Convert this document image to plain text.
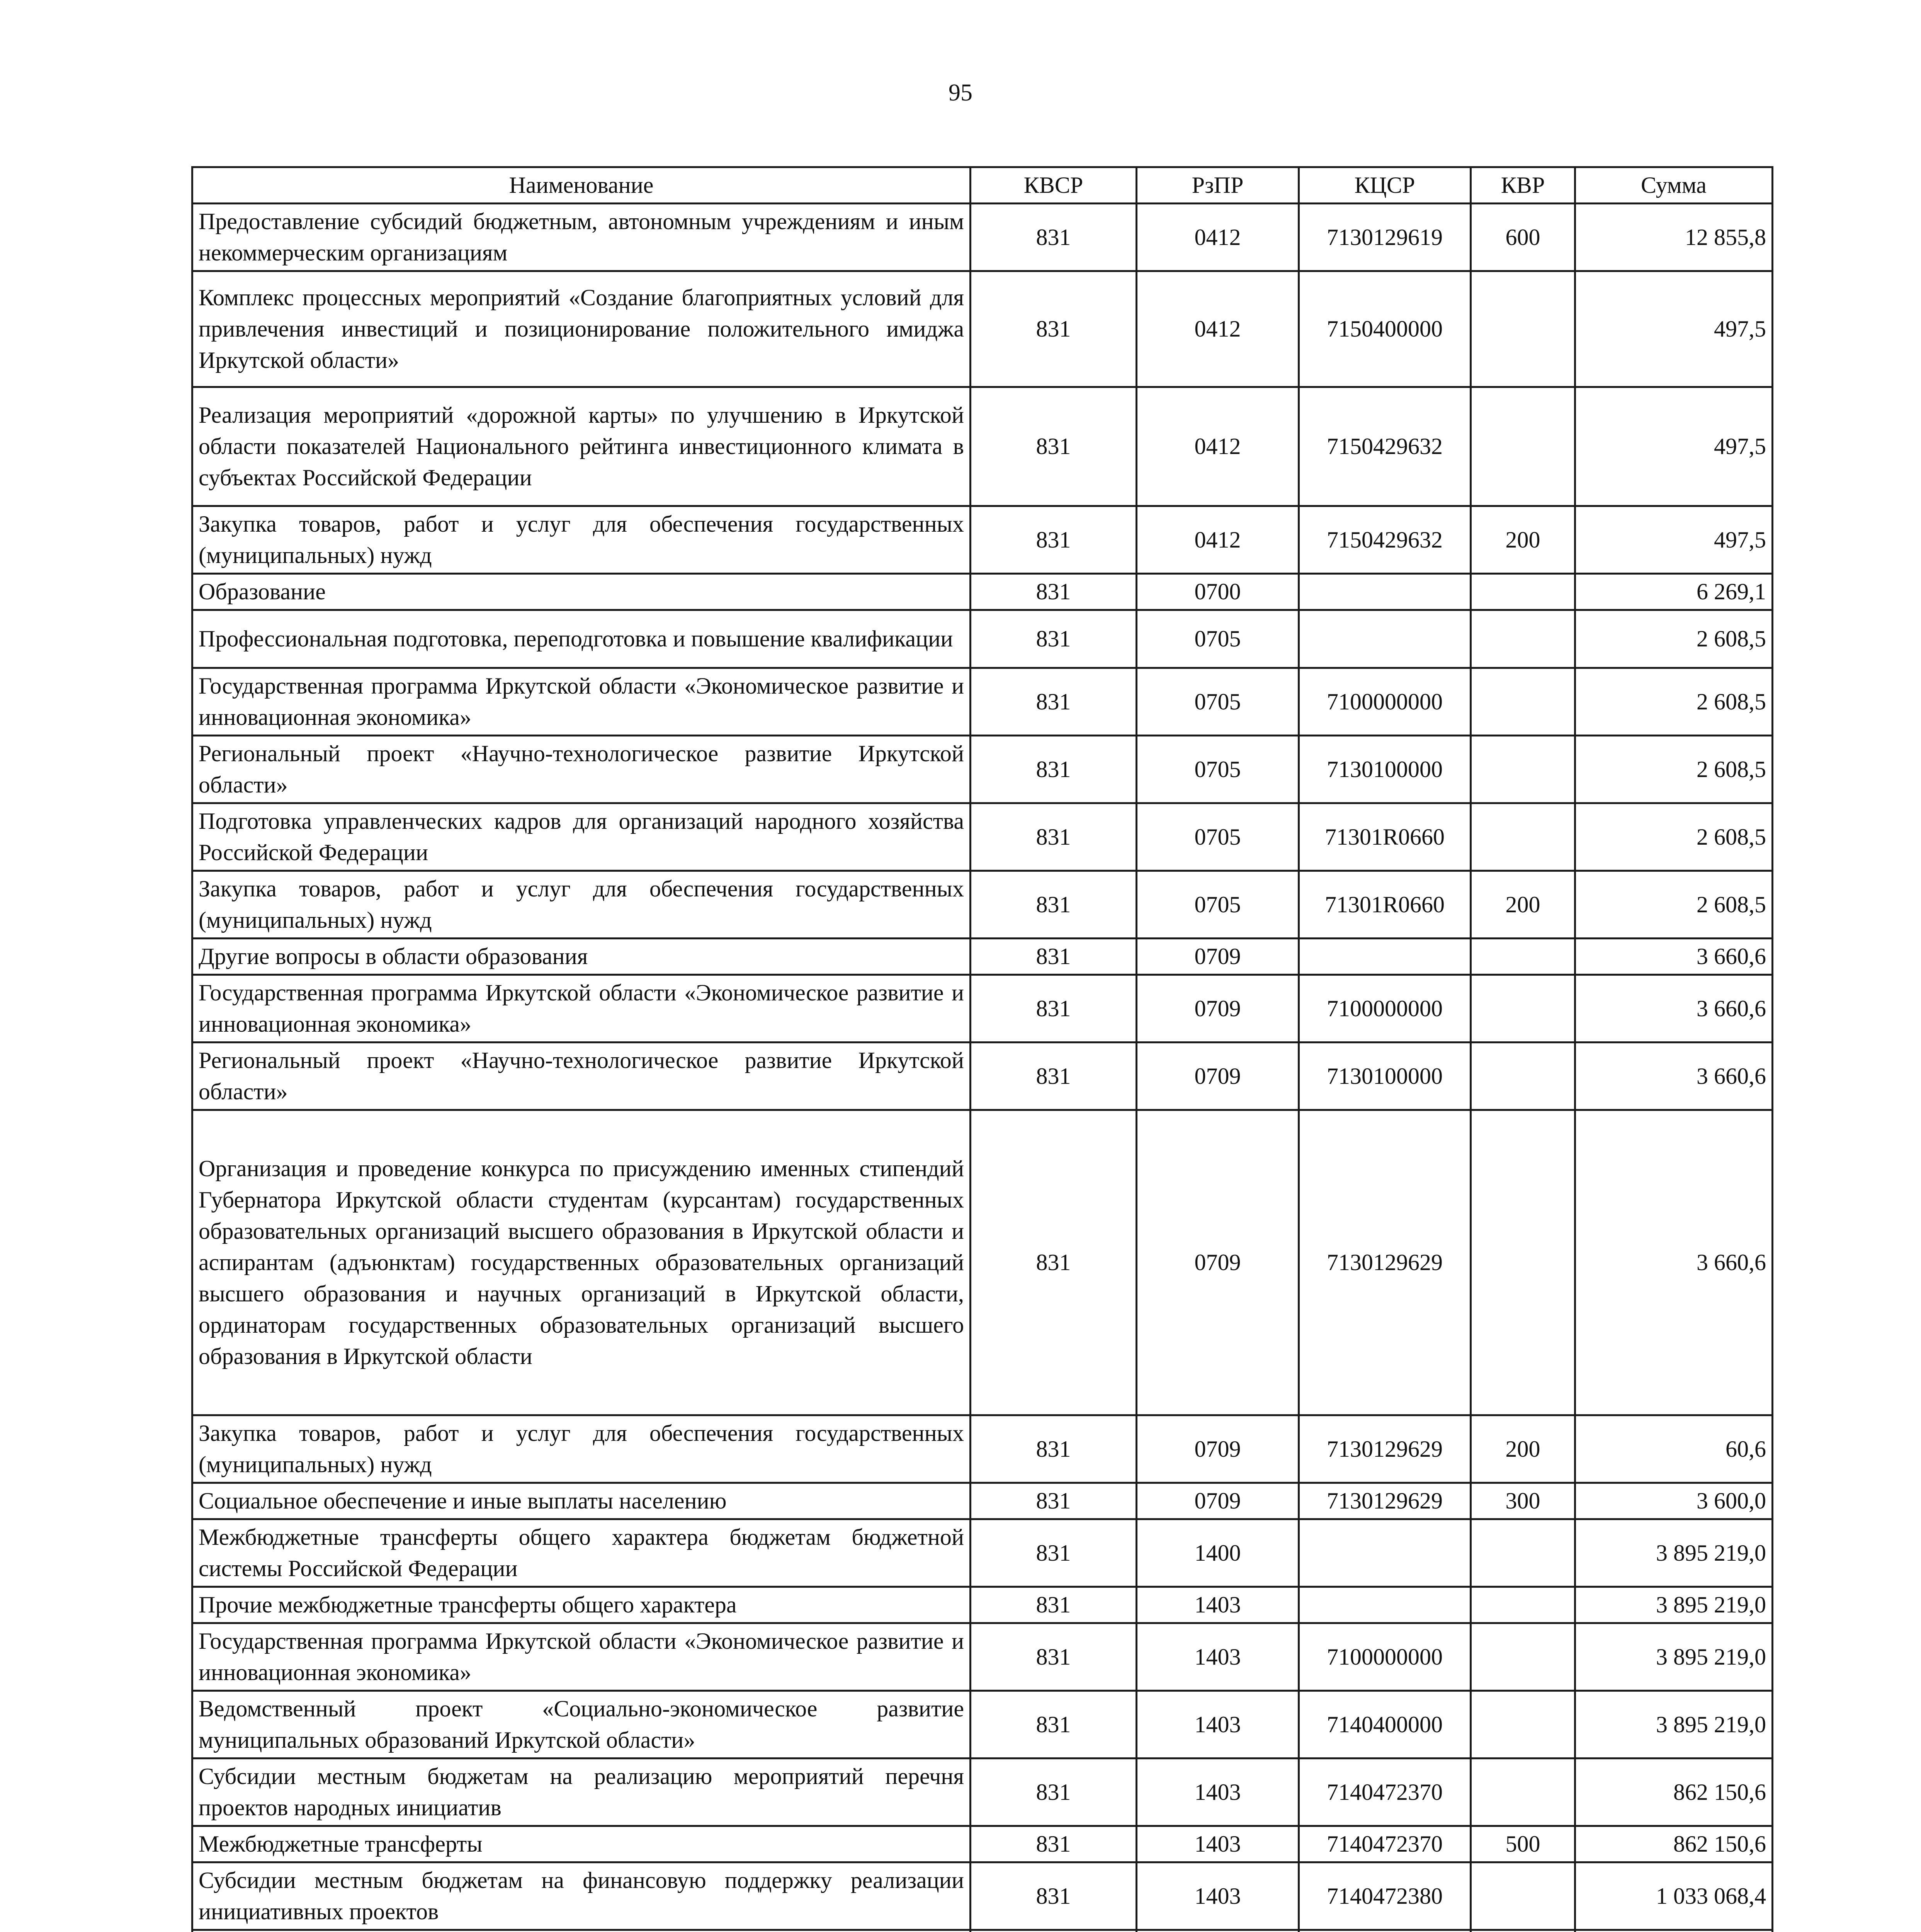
95
Наименование	КВСР	РзПР	КЦСР	КВР	Сумма
Предоставление субсидий бюджетным, автономным учреждениям и иным некоммерческим организациям	831	0412	7130129619	600	12 855,8
Комплекс процессных мероприятий «Создание благоприятных условий для привлечения инвестиций и позиционирование положительного имиджа Иркутской области»	831	0412	7150400000		497,5
Реализация мероприятий «дорожной карты» по улучшению в Иркутской области показателей Национального рейтинга инвестиционного климата в субъектах Российской Федерации	831	0412	7150429632		497,5
Закупка товаров, работ и услуг для обеспечения государственных (муниципальных) нужд	831	0412	7150429632	200	497,5
Образование	831	0700			6 269,1
Профессиональная подготовка, переподготовка и повышение квалификации	831	0705			2 608,5
Государственная программа Иркутской области «Экономическое развитие и инновационная экономика»	831	0705	7100000000		2 608,5
Региональный проект «Научно-технологическое развитие Иркутской области»	831	0705	7130100000		2 608,5
Подготовка управленческих кадров для организаций народного хозяйства Российской Федерации	831	0705	71301R0660		2 608,5
Закупка товаров, работ и услуг для обеспечения государственных (муниципальных) нужд	831	0705	71301R0660	200	2 608,5
Другие вопросы в области образования	831	0709			3 660,6
Государственная программа Иркутской области «Экономическое развитие и инновационная экономика»	831	0709	7100000000		3 660,6
Региональный проект «Научно-технологическое развитие Иркутской области»	831	0709	7130100000		3 660,6
Организация и проведение конкурса по присуждению именных стипендий Губернатора Иркутской области студентам (курсантам) государственных образовательных организаций высшего образования в Иркутской области и аспирантам (адъюнктам) государственных образовательных организаций высшего образования и научных организаций в Иркутской области, ординаторам государственных образовательных организаций высшего образования в Иркутской области	831	0709	7130129629		3 660,6
Закупка товаров, работ и услуг для обеспечения государственных (муниципальных) нужд	831	0709	7130129629	200	60,6
Социальное обеспечение и иные выплаты населению	831	0709	7130129629	300	3 600,0
Межбюджетные трансферты общего характера бюджетам бюджетной системы Российской Федерации	831	1400			3 895 219,0
Прочие межбюджетные трансферты общего характера	831	1403			3 895 219,0
Государственная программа Иркутской области «Экономическое развитие и инновационная экономика»	831	1403	7100000000		3 895 219,0
Ведомственный проект «Социально-экономическое развитие муниципальных образований Иркутской области»	831	1403	7140400000		3 895 219,0
Субсидии местным бюджетам на реализацию мероприятий перечня проектов народных инициатив	831	1403	7140472370		862 150,6
Межбюджетные трансферты	831	1403	7140472370	500	862 150,6
Субсидии местным бюджетам на финансовую поддержку реализации инициативных проектов	831	1403	7140472380		1 033 068,4
